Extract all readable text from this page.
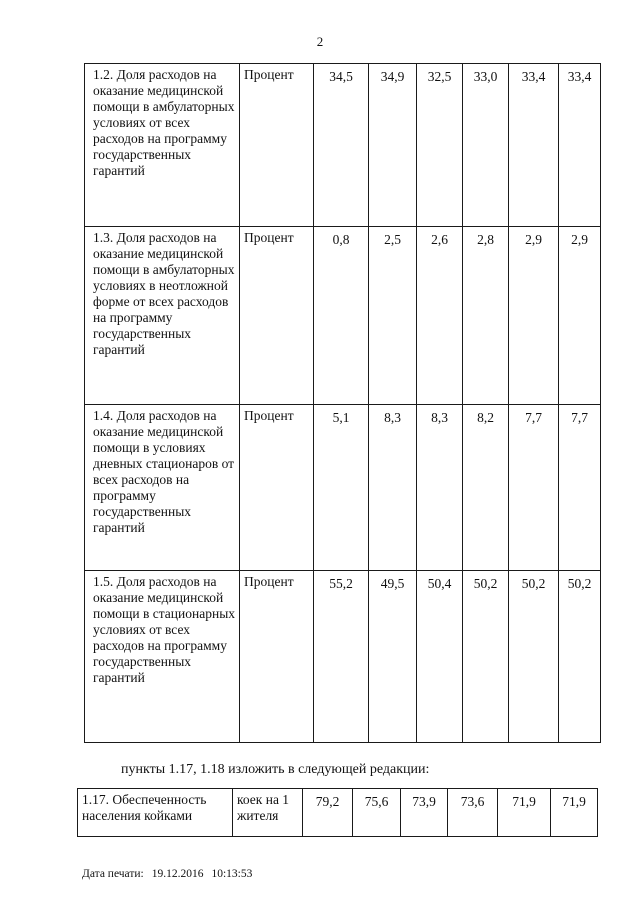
2
1.2. Доля расходов на оказание медицинской помощи в амбулаторных условиях от всех расходов на программу государственных гарантий	Процент	34,5	34,9	32,5	33,0	33,4	33,4
1.3. Доля расходов на оказание медицинской помощи в амбулаторных условиях в неотложной форме от всех расходов на программу государственных гарантий	Процент	0,8	2,5	2,6	2,8	2,9	2,9
1.4. Доля расходов на оказание медицинской помощи в условиях дневных стационаров от всех расходов на программу государственных гарантий	Процент	5,1	8,3	8,3	8,2	7,7	7,7
1.5. Доля расходов на оказание медицинской помощи в стационарных условиях от всех расходов на программу государственных гарантий	Процент	55,2	49,5	50,4	50,2	50,2	50,2
пункты 1.17, 1.18 изложить в следующей редакции:
1.17. Обеспеченность населения койками	коек на 1 жителя	79,2	75,6	73,9	73,6	71,9	71,9
Дата печати: 19.12.2016 10:13:53
